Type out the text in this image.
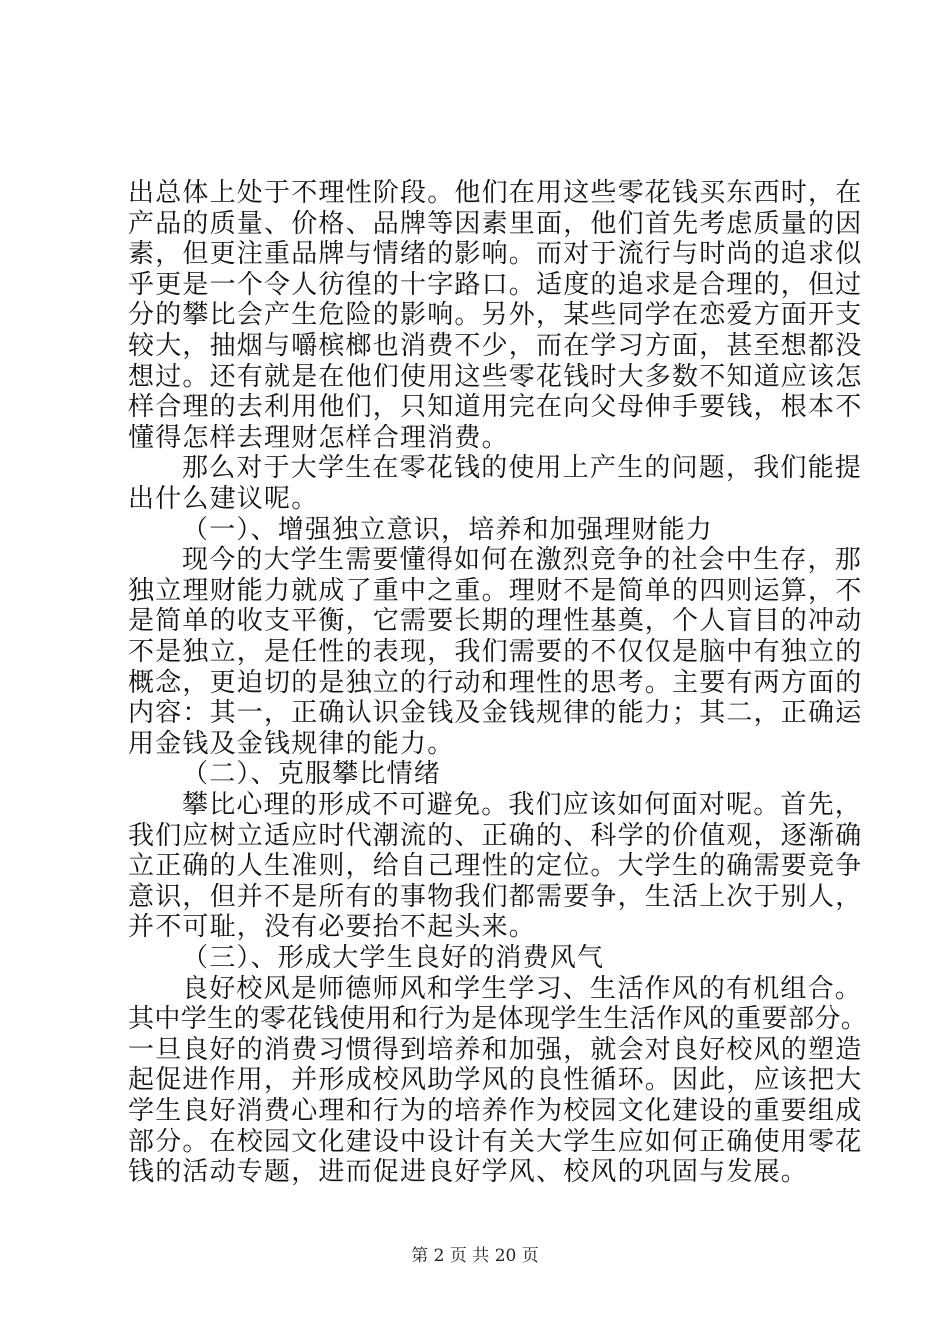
出总体上处于不理性阶段。他们在用这些零花钱买东西时，在
产品的质量、价格、品牌等因素里面，他们首先考虑质量的因
素，但更注重品牌与情绪的影响。而对于流行与时尚的追求似
乎更是一个令人彷徨的十字路口。适度的追求是合理的，但过
分的攀比会产生危险的影响。另外，某些同学在恋爱方面开支
较大，抽烟与嚼槟榔也消费不少，而在学习方面，甚至想都没
想过。还有就是在他们使用这些零花钱时大多数不知道应该怎
样合理的去利用他们，只知道用完在向父母伸手要钱，根本不
懂得怎样去理财怎样合理消费。
那么对于大学生在零花钱的使用上产生的问题，我们能提
出什么建议呢。
（一）、增强独立意识，培养和加强理财能力
现今的大学生需要懂得如何在激烈竞争的社会中生存，那
独立理财能力就成了重中之重。理财不是简单的四则运算，不
是简单的收支平衡，它需要长期的理性基奠，个人盲目的冲动
不是独立，是任性的表现，我们需要的不仅仅是脑中有独立的
概念，更迫切的是独立的行动和理性的思考。主要有两方面的
内容：其一，正确认识金钱及金钱规律的能力；其二，正确运
用金钱及金钱规律的能力。
（二）、克服攀比情绪
攀比心理的形成不可避免。我们应该如何面对呢。首先，
我们应树立适应时代潮流的、正确的、科学的价值观，逐渐确
立正确的人生准则，给自己理性的定位。大学生的确需要竞争
意识，但并不是所有的事物我们都需要争，生活上次于别人，
并不可耻，没有必要抬不起头来。
（三）、形成大学生良好的消费风气
良好校风是师德师风和学生学习、生活作风的有机组合。
其中学生的零花钱使用和行为是体现学生生活作风的重要部分。
一旦良好的消费习惯得到培养和加强，就会对良好校风的塑造
起促进作用，并形成校风助学风的良性循环。因此，应该把大
学生良好消费心理和行为的培养作为校园文化建设的重要组成
部分。在校园文化建设中设计有关大学生应如何正确使用零花
钱的活动专题，进而促进良好学风、校风的巩固与发展。
第 2 页 共 20 页
